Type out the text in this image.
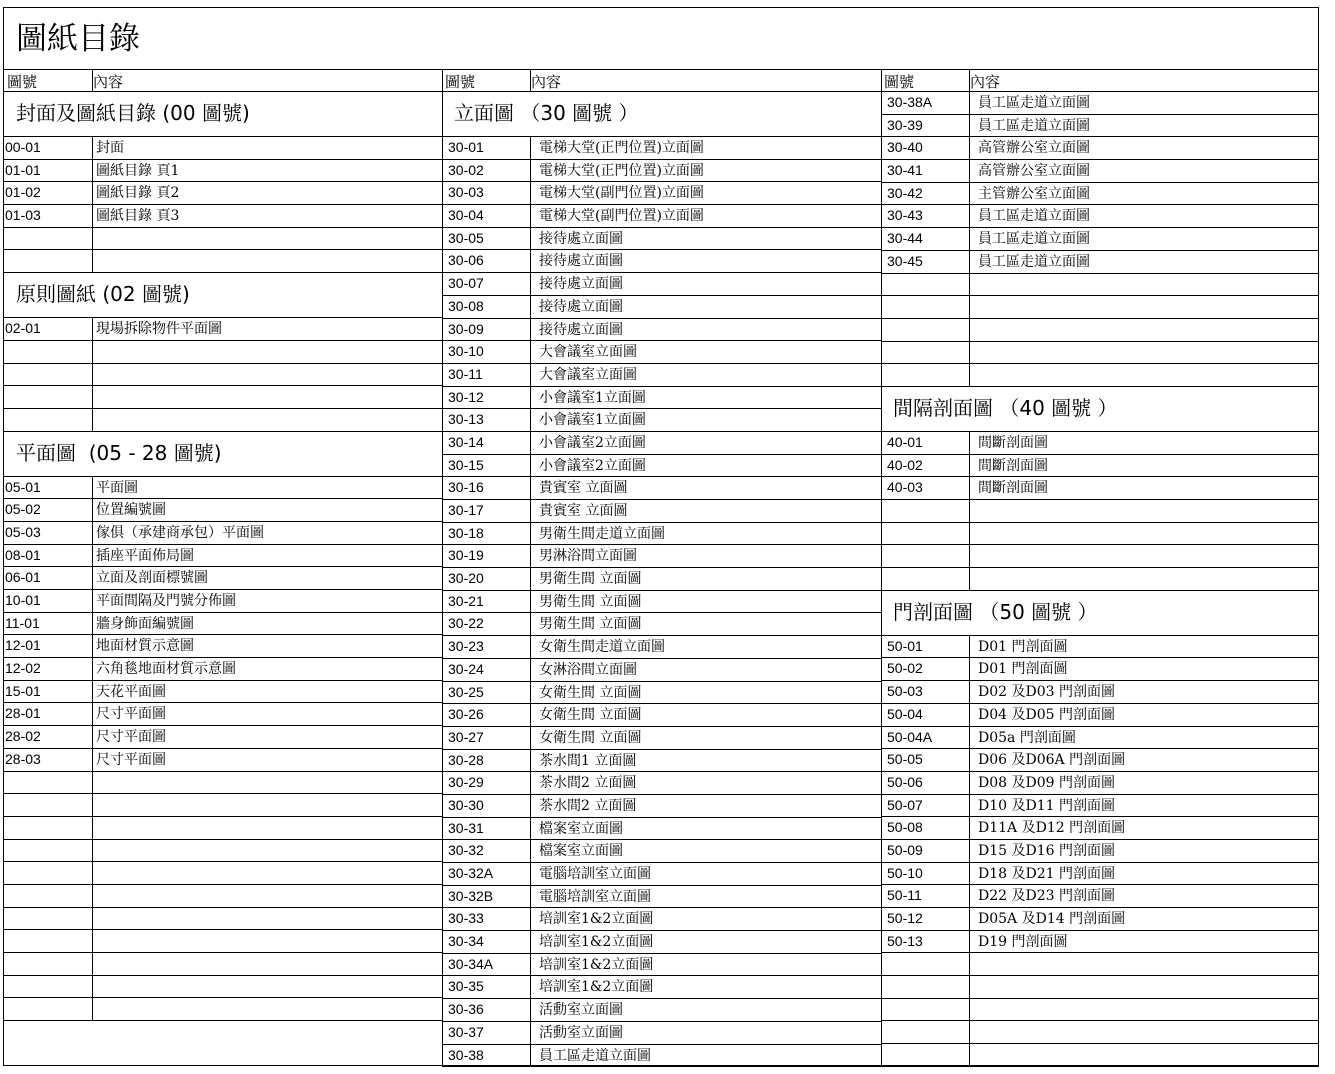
圖紙目錄
圖號	內容
封面及圖紙目錄 (00 圖號)
00-01	封面
01-01	圖紙目錄 頁1
01-02	圖紙目錄 頁2
01-03	圖紙目錄 頁3
原則圖紙 (02 圖號)
02-01	現場拆除物件平面圖
平面圖  (05 - 28 圖號)
05-01	平面圖
05-02	位置編號圖
05-03	傢俱（承建商承包）平面圖
08-01	插座平面佈局圖
06-01	立面及剖面標號圖
10-01	平面間隔及門號分佈圖
11-01	牆身飾面編號圖
12-01	地面材質示意圖
12-02	六角毯地面材質示意圖
15-01	天花平面圖
28-01	尺寸平面圖
28-02	尺寸平面圖
28-03	尺寸平面圖
圖號	內容
立面圖 （30 圖號 ）
30-01	電梯大堂(正門位置)立面圖
30-02	電梯大堂(正門位置)立面圖
30-03	電梯大堂(副門位置)立面圖
30-04	電梯大堂(副門位置)立面圖
30-05	接待處立面圖
30-06	接待處立面圖
30-07	接待處立面圖
30-08	接待處立面圖
30-09	接待處立面圖
30-10	大會議室立面圖
30-11	大會議室立面圖
30-12	小會議室1立面圖
30-13	小會議室1立面圖
30-14	小會議室2立面圖
30-15	小會議室2立面圖
30-16	貴賓室 立面圖
30-17	貴賓室 立面圖
30-18	男衛生間走道立面圖
30-19	男淋浴間立面圖
30-20	男衛生間 立面圖
30-21	男衛生間 立面圖
30-22	男衛生間 立面圖
30-23	女衛生間走道立面圖
30-24	女淋浴間立面圖
30-25	女衛生間 立面圖
30-26	女衛生間 立面圖
30-27	女衛生間 立面圖
30-28	茶水間1 立面圖
30-29	茶水間2 立面圖
30-30	茶水間2 立面圖
30-31	檔案室立面圖
30-32	檔案室立面圖
30-32A	電腦培訓室立面圖
30-32B	電腦培訓室立面圖
30-33	培訓室1&2立面圖
30-34	培訓室1&2立面圖
30-34A	培訓室1&2立面圖
30-35	培訓室1&2立面圖
30-36	活動室立面圖
30-37	活動室立面圖
30-38	員工區走道立面圖
圖號	內容
30-38A	員工區走道立面圖
30-39	員工區走道立面圖
30-40	高管辦公室立面圖
30-41	高管辦公室立面圖
30-42	主管辦公室立面圖
30-43	員工區走道立面圖
30-44	員工區走道立面圖
30-45	員工區走道立面圖
間隔剖面圖 （40 圖號 ）
40-01	間斷剖面圖
40-02	間斷剖面圖
40-03	間斷剖面圖
門剖面圖 （50 圖號 ）
50-01	D01 門剖面圖
50-02	D01 門剖面圖
50-03	D02 及D03 門剖面圖
50-04	D04 及D05 門剖面圖
50-04A	D05a 門剖面圖
50-05	D06 及D06A 門剖面圖
50-06	D08 及D09 門剖面圖
50-07	D10 及D11 門剖面圖
50-08	D11A 及D12 門剖面圖
50-09	D15 及D16 門剖面圖
50-10	D18 及D21 門剖面圖
50-11	D22 及D23 門剖面圖
50-12	D05A 及D14 門剖面圖
50-13	D19 門剖面圖
